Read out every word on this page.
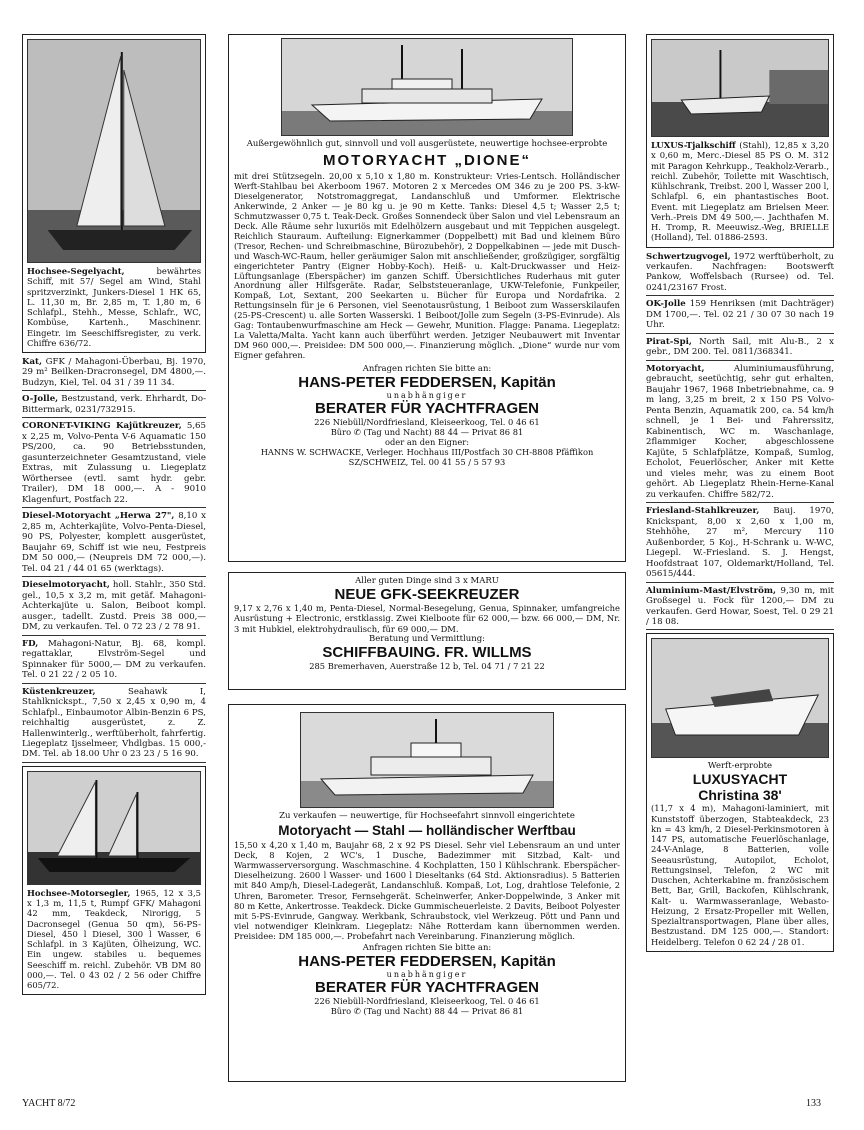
Hochsee-Segelyacht,	bewährtes Schiff, mit 57/ Segel am Wind, Stahl spritzverzinkt, Junkers-Diesel 1 HK 65, L. 11,30 m, Br. 2,85 m, T. 1,80 m, 6 Schlafpl., Stehh., Messe, Schlafr., WC, Kombüse, Kartenh., Maschinenr. Eingetr. im Seeschiffsregister, zu verk. Chiffre 636/72.
Kat, GFK / Mahagoni-Überbau, Bj. 1970, 29 m² Beilken-Dracronsegel, DM 4800,—. Budzyn, Kiel, Tel. 04 31 / 39 11 34.
O-Jolle, Bestzustand, verk. Ehrhardt, Do-Bittermark, 0231/732915.
CORONET-VIKING Kajütkreuzer, 5,65 x 2,25 m, Volvo-Penta V-6 Aquamatic 150 PS/200, ca. 90 Betriebsstunden, gasunterzeichneter Gesamtzustand, viele Extras, mit Zulassung u. Liegeplatz Wörthersee (evtl. samt hydr. gebr. Trailer), DM 18 000,—. A - 9010 Klagenfurt, Postfach 22.
Diesel-Motoryacht „Herwa 27", 8,10 x 2,85 m, Achterkajüte, Volvo-Penta-Diesel, 90 PS, Polyester, komplett ausgerüstet, Baujahr 69, Schiff ist wie neu, Festpreis DM 50 000,— (Neupreis DM 72 000,—). Tel. 04 21 / 44 01 65 (werktags).
Dieselmotoryacht, holl. Stahlr., 350 Std. gel., 10,5 x 3,2 m, mit getäf. Mahagoni-Achterkajüte u. Salon, Beiboot kompl. ausger., tadellt. Zustd. Preis 38 000,— DM, zu verkaufen. Tel. 0 72 23 / 2 78 91.
FD, Mahagoni-Natur, Bj. 68, kompl. regattaklar, Elvström-Segel und Spinnaker für 5000,— DM zu verkaufen. Tel. 0 21 22 / 2 05 10.
Küstenkreuzer,	Seahawk I, Stahlknickspt., 7,50 x 2,45 x 0,90 m, 4 Schlafpl., Einbaumotor Albin-Benzin 6 PS, reichhaltig ausgerüstet, z. Z. Hallenwinterlg., werftüberholt, fahrfertig. Liegeplatz Ijsselmeer, Vhdlgbas. 15 000,- DM. Tel. ab 18.00 Uhr 0 23 23 / 5 16 90.
Hochsee-Motorsegler, 1965, 12 x 3,5 x 1,3 m, 11,5 t, Rumpf GFK/ Mahagoni 42 mm, Teakdeck, Nirorigg, 5 Dacronsegel (Genua 50 qm), 56-PS-Diesel, 450 l Diesel, 300 l Wasser, 6 Schlafpl. in 3 Kajüten, Ölheizung, WC. Ein ungew. stabiles u. bequemes Seeschiff m. reichl. Zubehör. VB DM 80 000,—. Tel. 0 43 02 / 2 56 oder Chiffre 605/72.
Außergewöhnlich gut, sinnvoll und voll ausgerüstete, neuwertige hochsee-erprobte
MOTORYACHT „DIONE“
mit drei Stützsegeln. 20,00 x 5,10 x 1,80 m. Konstrukteur: Vries-Lentsch. Holländischer Werft-Stahlbau bei Akerboom 1967. Motoren 2 x Mercedes OM 346 zu je 200 PS. 3-kW-Dieselgenerator, Notstromaggregat, Landanschluß und Umformer. Elektrische Ankerwinde, 2 Anker — je 80 kg u. je 90 m Kette. Tanks: Diesel 4,5 t; Wasser 2,5 t; Schmutzwasser 0,75 t. Teak-Deck. Großes Sonnendeck über Salon und viel Lebensraum an Deck. Alle Räume sehr luxuriös mit Edelhölzern ausgebaut und mit Teppichen ausgelegt. Reichlich Stauraum. Aufteilung: Eignerkammer (Doppelbett) mit Bad und kleinem Büro (Tresor, Rechen- und Schreibmaschine, Bürozubehör), 2 Doppelkabinen — jede mit Dusch- und Wasch-WC-Raum, heller geräumiger Salon mit anschließender, großzügiger, sorgfältig eingerichteter Pantry (Eigner Hobby-Koch). Heiß- u. Kalt-Druckwasser und Heiz-Lüftungsanlage (Eberspächer) im ganzen Schiff. Übersichtliches Ruderhaus mit guter Anordnung aller Hilfsgeräte. Radar, Selbststeueranlage, UKW-Telefonie, Funkpeiler, Kompaß, Lot, Sextant, 200 Seekarten u. Bücher für Europa und Nordafrika. 2 Rettungsinseln für je 6 Personen, viel Seenotausrüstung, 1 Beiboot zum Wasserskilaufen (25-PS-Crescent) u. alle Sorten Wasserski. 1 Beiboot/Jolle zum Segeln (3-PS-Evinrude). Als Gag: Tontaubenwurfmaschine am Heck — Gewehr, Munition. Flagge: Panama. Liegeplatz: La Valetta/Malta. Yacht kann auch überführt werden. Jetziger Neubauwert mit Inventar DM 960 000,—. Preisidee: DM 500 000,—. Finanzierung möglich. „Dione“ wurde nur vom Eigner gefahren.
Anfragen richten Sie bitte an:
HANS-PETER FEDDERSEN, Kapitän
unabhängiger
BERATER FÜR YACHTFRAGEN
226 Niebüll/Nordfriesland, Kleiseerkoog, Tel. 0 46 61
Büro ✆ (Tag und Nacht) 88 44 — Privat 86 81
oder an den Eigner:
HANNS W. SCHWACKE, Verleger. Hochhaus III/Postfach 30 CH-8808 Pfäffikon SZ/SCHWEIZ, Tel. 00 41 55 / 5 57 93
Aller guten Dinge sind 3 x MARU
NEUE GFK-SEEKREUZER
9,17 x 2,76 x 1,40 m, Penta-Diesel, Normal-Besegelung, Genua, Spinnaker, umfangreiche Ausrüstung + Electronic, erstklassig. Zwei Kielboote für 62 000,— bzw. 66 000,— DM, Nr. 3 mit Hubkiel, elektrohydraulisch, für 69 000,— DM.
Beratung und Vermittlung:
SCHIFFBAUING. FR. WILLMS
285 Bremerhaven, Auerstraße 12 b, Tel. 04 71 / 7 21 22
Zu verkaufen — neuwertige, für Hochseefahrt sinnvoll eingerichtete
Motoryacht — Stahl — holländischer Werftbau
15,50 x 4,20 x 1,40 m, Baujahr 68, 2 x 92 PS Diesel. Sehr viel Lebensraum an und unter Deck, 8 Kojen, 2 WC's, 1 Dusche, Badezimmer mit Sitzbad, Kalt- und Warmwasserversorgung. Waschmaschine. 4 Kochplatten, 150 l Kühlschrank. Eberspächer-Dieselheizung. 2600 l Wasser- und 1600 l Dieseltanks (64 Std. Aktionsradius). 5 Batterien mit 840 Amp/h, Diesel-Ladegerät, Landanschluß. Kompaß, Lot, Log, drahtlose Telefonie, 2 Uhren, Barometer. Tresor, Fernsehgerät. Scheinwerfer, Anker-Doppelwinde, 3 Anker mit 80 m Kette, Ankertrosse. Teakdeck. Dicke Gummischeuerleiste. 2 Davits, Beiboot Polyester mit 5-PS-Evinrude, Gangway. Werkbank, Schraubstock, viel Werkzeug. Pött und Pann und viel notwendiger Kleinkram. Liegeplatz: Nähe Rotterdam kann übernommen werden. Preisidee: DM 185 000,—. Probefahrt nach Vereinbarung. Finanzierung möglich.
Anfragen richten Sie bitte an:
HANS-PETER FEDDERSEN, Kapitän
unabhängiger
BERATER FÜR YACHTFRAGEN
226 Niebüll-Nordfriesland, Kleiseerkoog, Tel. 0 46 61
Büro ✆ (Tag und Nacht) 88 44 — Privat 86 81
LUXUS-Tjalkschiff (Stahl), 12,85 x 3,20 x 0,60 m, Merc.-Diesel 85 PS O. M. 312 mit Paragon Kehrkupp., Teakholz-Verarb., reichl. Zubehör, Toilette mit Waschtisch, Kühlschrank, Treibst. 200 l, Wasser 200 l, Schlafpl. 6, ein phantastisches Boot. Event. mit Liegeplatz am Brielsen Meer. Verh.-Preis DM 49 500,—. Jachthafen M. H. Tromp, R. Meeuwisz.-Weg, BRIELLE (Holland), Tel. 01886-2593.
Schwertzugvogel, 1972 werftüberholt, zu verkaufen. Nachfragen: Bootswerft Pankow, Woffelsbach (Rursee) od. Tel. 0241/23167 Frost.
OK-Jolle 159 Henriksen (mit Dachträger) DM 1700,—. Tel. 02 21 / 30 07 30 nach 19 Uhr.
Pirat-Spi, North Sail, mit Alu-B., 2 x gebr., DM 200. Tel. 0811/368341.
Motoryacht,	Aluminiumausführung, gebraucht, seetüchtig, sehr gut erhalten, Baujahr 1967, 1968 Inbetriebnahme, ca. 9 m lang, 3,25 m breit, 2 x 150 PS Volvo-Penta Benzin, Aquamatik 200, ca. 54 km/h schnell, je 1 Bei- und Fahrerssitz, Kabinentisch, WC m. Waschanlage, 2flammiger Kocher, abgeschlossene Kajüte, 5 Schlafplätze, Kompaß, Sumlog, Echolot, Feuerlöscher, Anker mit Kette und vieles mehr, was zu einem Boot gehört. Ab Liegeplatz Rhein-Herne-Kanal zu verkaufen. Chiffre 582/72.
Friesland-Stahlkreuzer, Bauj. 1970, Knickspant, 8,00 x 2,60 x 1,00 m, Stehhöhe, 27 m², Mercury 110 Außenborder, 5 Koj., H-Schrank u. W-WC, Liegepl. W.-Friesland. S. J. Hengst, Hoofdstraat 107, Oldemarkt/Holland, Tel. 05615/444.
Aluminium-Mast/Elvström, 9,30 m, mit Großsegel u. Fock für 1200,— DM zu verkaufen. Gerd Howar, Soest, Tel. 0 29 21 / 18 08.
Werft-erprobte
LUXUSYACHT
Christina 38'
(11,7 x 4 m), Mahagoni-laminiert, mit Kunststoff überzogen, Stabteakdeck, 23 kn = 43 km/h, 2 Diesel-Perkinsmotoren à 147 PS, automatische Feuerlöschanlage, 24-V-Anlage, 8 Batterien, volle Seeausrüstung, Autopilot, Echolot, Rettungsinsel, Telefon, 2 WC mit Duschen, Achterkabine m. französischem Bett, Bar, Grill, Backofen, Kühlschrank, Kalt- u. Warmwasseranlage, Webasto-Heizung, 2 Ersatz-Propeller mit Wellen, Spezialtransportwagen, Plane über alles, Bestzustand. DM 125 000,—. Standort: Heidelberg. Telefon 0 62 24 / 28 01.
YACHT 8/72	133
